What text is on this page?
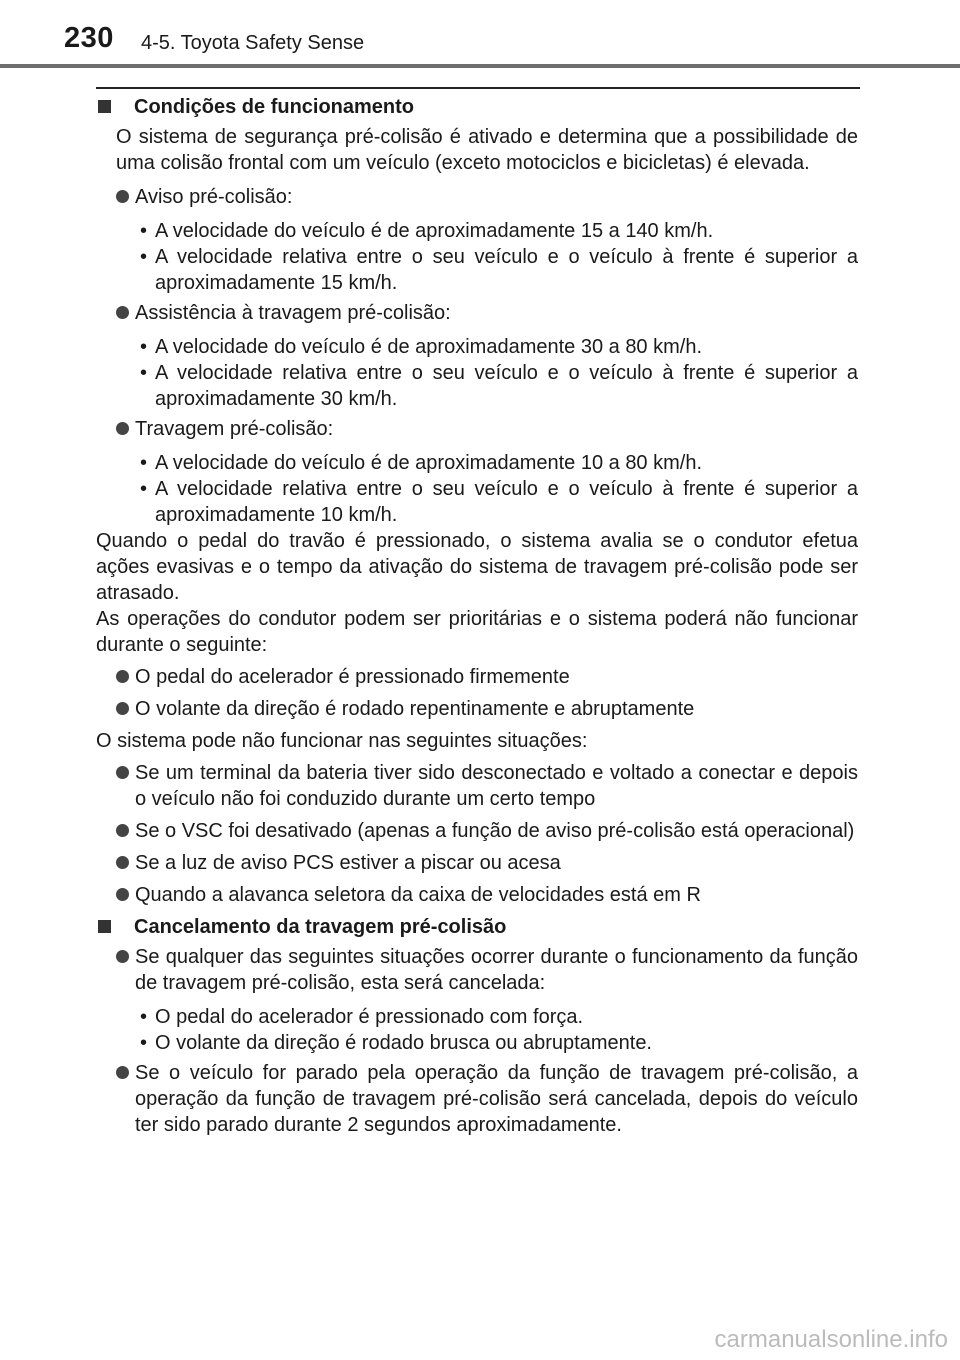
230 4-5. Toyota Safety Sense
Condições de funcionamento
O sistema de segurança pré-colisão é ativado e determina que a possibilidade de uma colisão frontal com um veículo (exceto motociclos e bicicletas) é elevada.
Aviso pré-colisão:
• A velocidade do veículo é de aproximadamente 15 a 140 km/h.
• A velocidade relativa entre o seu veículo e o veículo à frente é superior a aproximadamente 15 km/h.
Assistência à travagem pré-colisão:
• A velocidade do veículo é de aproximadamente 30 a 80 km/h.
• A velocidade relativa entre o seu veículo e o veículo à frente é superior a aproximadamente 30 km/h.
Travagem pré-colisão:
• A velocidade do veículo é de aproximadamente 10 a 80 km/h.
• A velocidade relativa entre o seu veículo e o veículo à frente é superior a aproximadamente 10 km/h.
Quando o pedal do travão é pressionado, o sistema avalia se o condutor efetua ações evasivas e o tempo da ativação do sistema de travagem pré-colisão pode ser atrasado.
As operações do condutor podem ser prioritárias e o sistema poderá não funcionar durante o seguinte:
O pedal do acelerador é pressionado firmemente
O volante da direção é rodado repentinamente e abruptamente
O sistema pode não funcionar nas seguintes situações:
Se um terminal da bateria tiver sido desconectado e voltado a conectar e depois o veículo não foi conduzido durante um certo tempo
Se o VSC foi desativado (apenas a função de aviso pré-colisão está operacional)
Se a luz de aviso PCS estiver a piscar ou acesa
Quando a alavanca seletora da caixa de velocidades está em R
Cancelamento da travagem pré-colisão
Se qualquer das seguintes situações ocorrer durante o funcionamento da função de travagem pré-colisão, esta será cancelada:
• O pedal do acelerador é pressionado com força.
• O volante da direção é rodado brusca ou abruptamente.
Se o veículo for parado pela operação da função de travagem pré-colisão, a operação da função de travagem pré-colisão será cancelada, depois do veículo ter sido parado durante 2 segundos aproximadamente.
carmanualsonline.info
